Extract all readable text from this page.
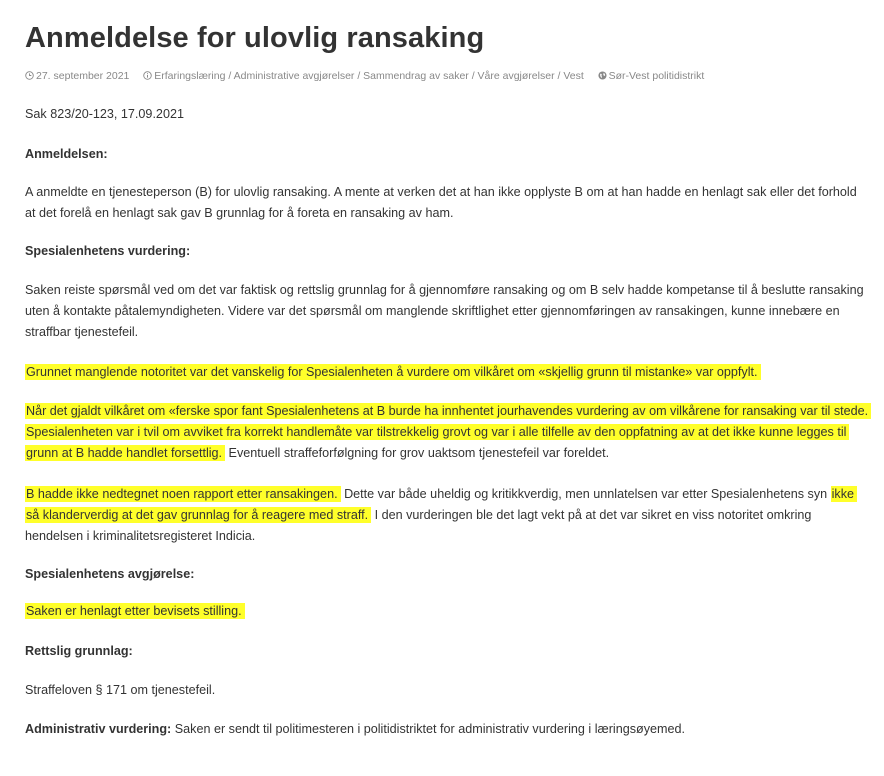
Anmeldelse for ulovlig ransaking
27. september 2021 Erfaringslæring / Administrative avgjørelser / Sammendrag av saker / Våre avgjørelser / Vest Sør-Vest politidistrikt
Sak 823/20-123, 17.09.2021
Anmeldelsen:
A anmeldte en tjenesteperson (B) for ulovlig ransaking. A mente at verken det at han ikke opplyste B om at han hadde en henlagt sak eller det forhold at det forelå en henlagt sak gav B grunnlag for å foreta en ransaking av ham.
Spesialenhetens vurdering:
Saken reiste spørsmål ved om det var faktisk og rettslig grunnlag for å gjennomføre ransaking og om B selv hadde kompetanse til å beslutte ransaking uten å kontakte påtalemyndigheten. Videre var det spørsmål om manglende skriftlighet etter gjennomføringen av ransakingen, kunne innebære en straffbar tjenestefeil.
Grunnet manglende notoritet var det vanskelig for Spesialenheten å vurdere om vilkåret om «skjellig grunn til mistanke» var oppfylt.
Når det gjaldt vilkåret om «ferske spor fant Spesialenhetens at B burde ha innhentet jourhavendes vurdering av om vilkårene for ransaking var til stede. Spesialenheten var i tvil om avviket fra korrekt handlemåte var tilstrekkelig grovt og var i alle tilfelle av den oppfatning av at det ikke kunne legges til grunn at B hadde handlet forsettlig. Eventuell straffeforfølgning for grov uaktsom tjenestefeil var foreldet.
B hadde ikke nedtegnet noen rapport etter ransakingen. Dette var både uheldig og kritikkverdig, men unnlatelsen var etter Spesialenhetens syn ikke så klanderverdig at det gav grunnlag for å reagere med straff. I den vurderingen ble det lagt vekt på at det var sikret en viss notoritet omkring hendelsen i kriminalitetsregisteret Indicia.
Spesialenhetens avgjørelse:
Saken er henlagt etter bevisets stilling.
Rettslig grunnlag:
Straffeloven § 171 om tjenestefeil.
Administrativ vurdering: Saken er sendt til politimesteren i politidistriktet for administrativ vurdering i læringsøyemed.
